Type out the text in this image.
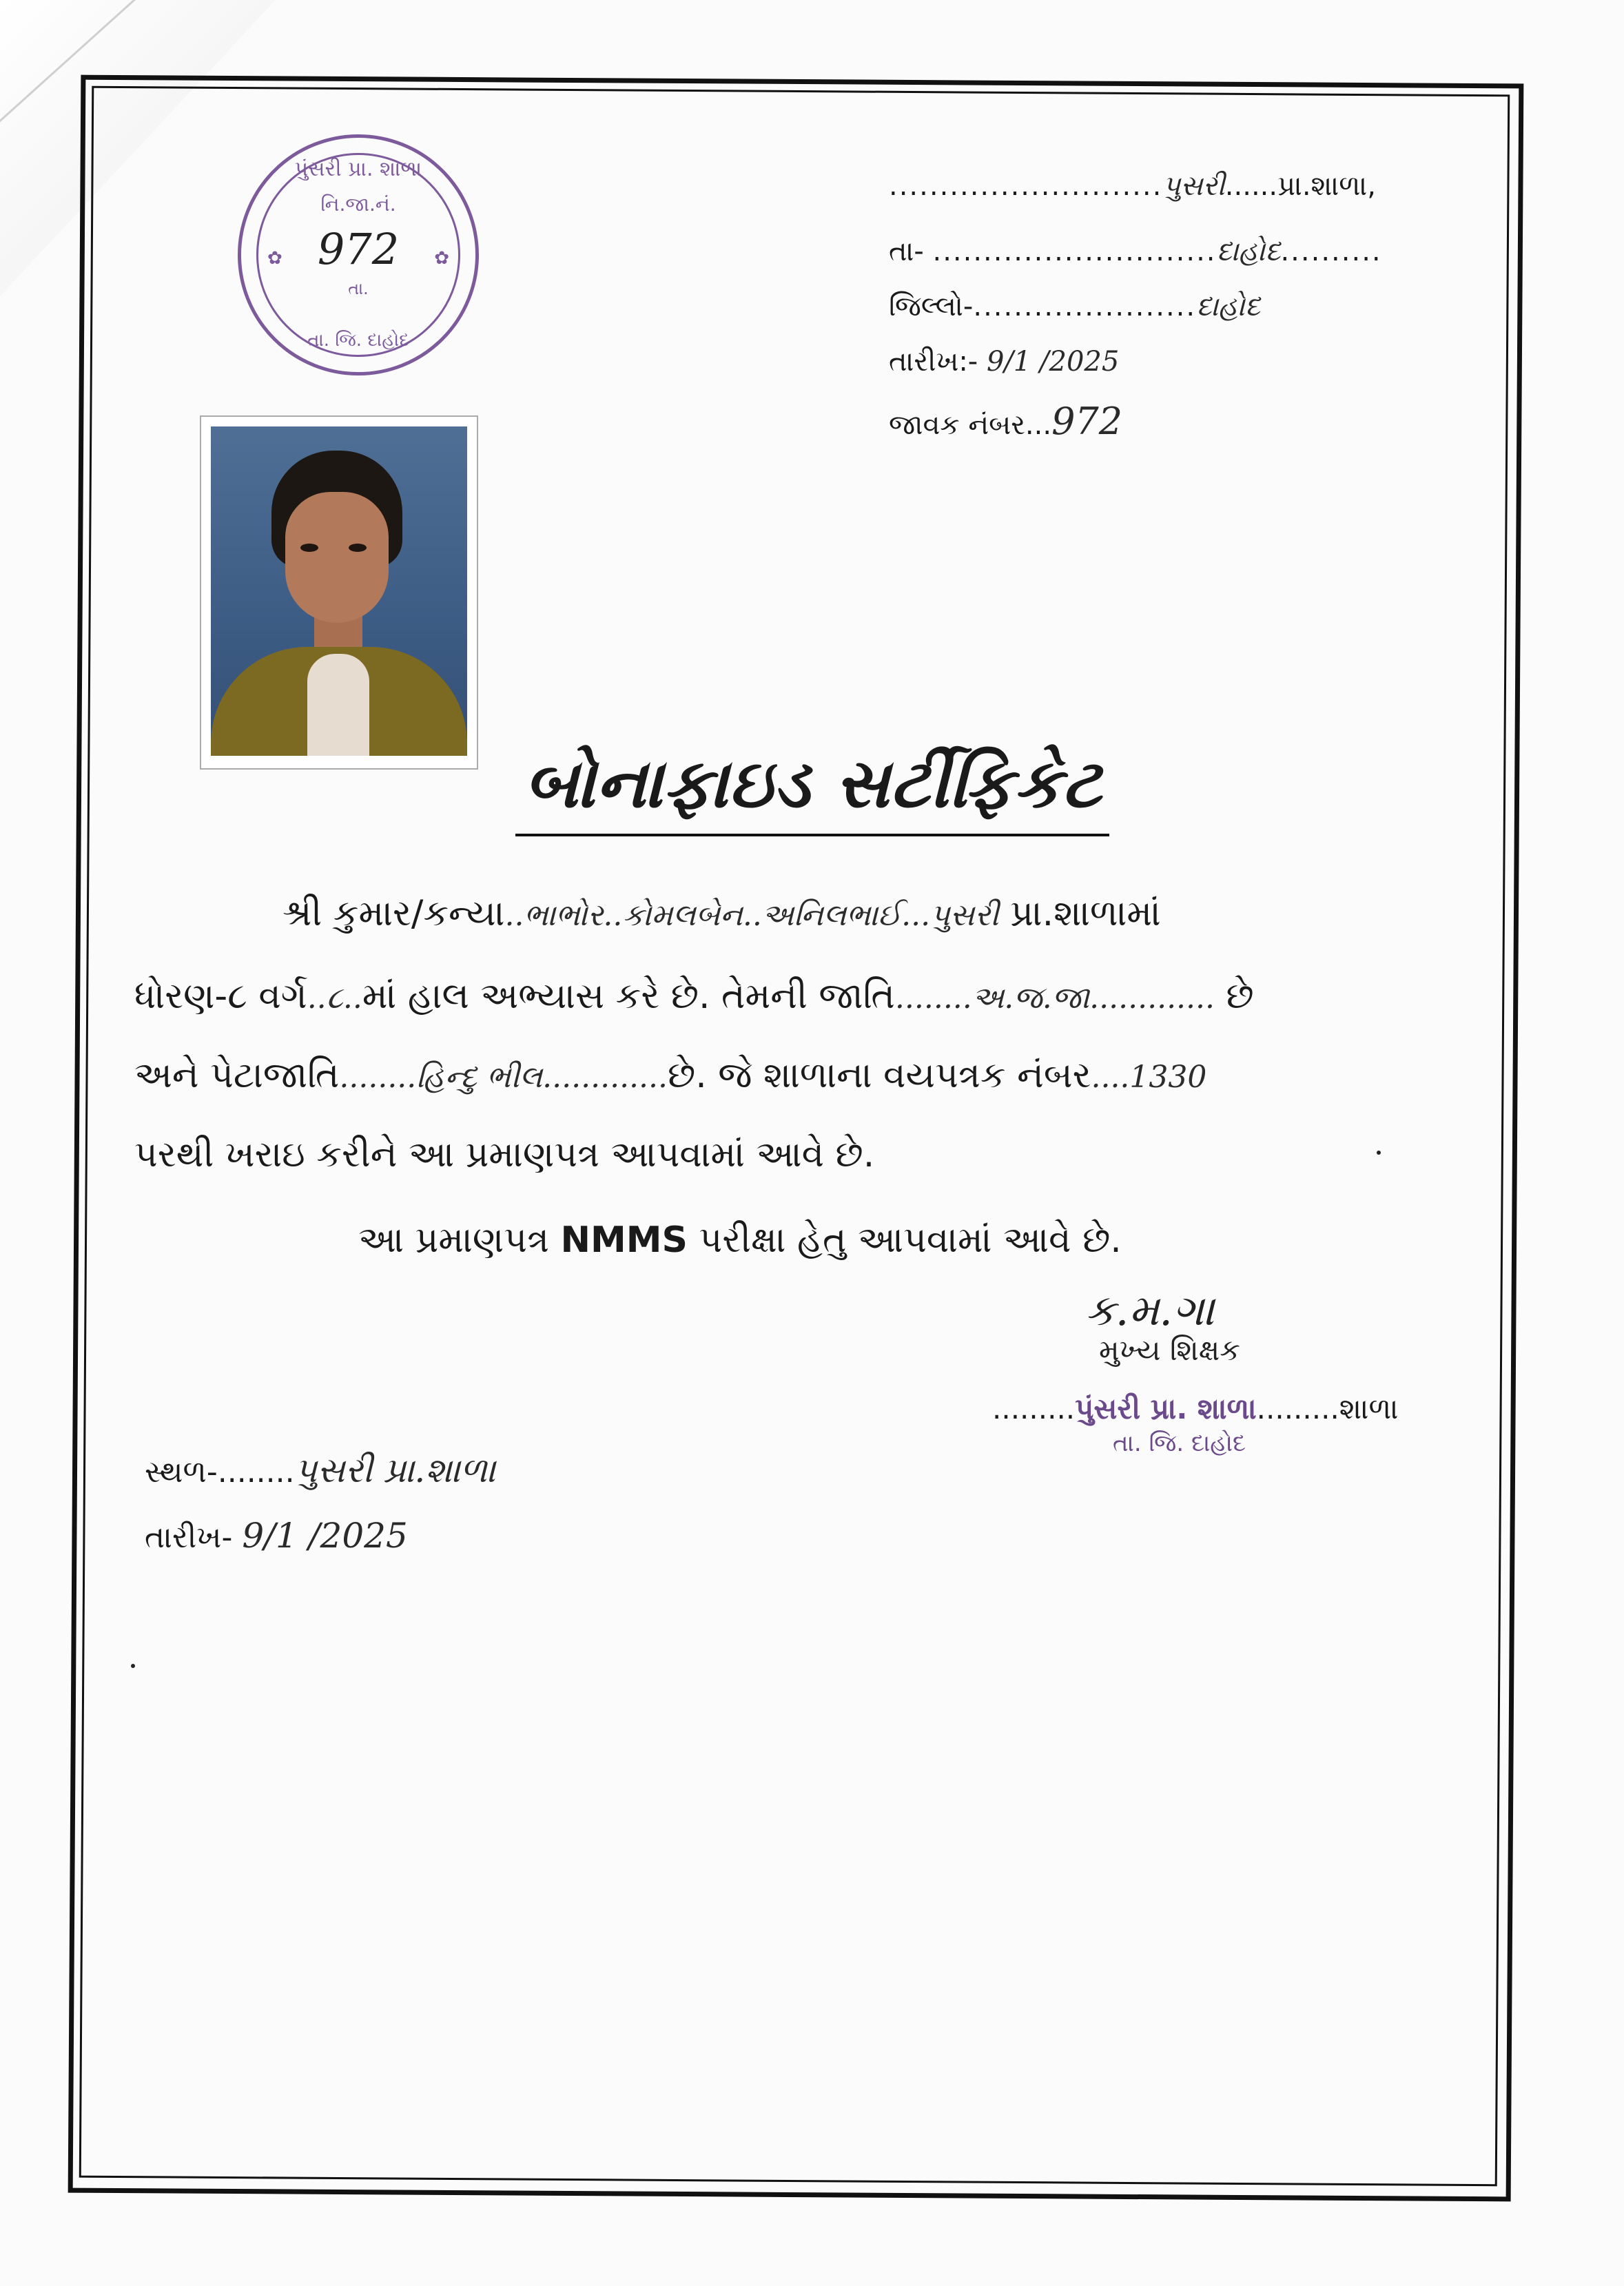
પુંસરી પ્રા. શાળા
નિ.જા.નં.
972
તા.
✿	✿
તા. જિ. દાહોદ
...........................પુસરી......પ્રા.શાળા,
તા- ............................દાહોદ..........
જિલ્લો-......................દાહોદ
તારીખ:- 9/1 /2025
જાવક નંબર...972
બોનાફાઇડ સર્ટીફિકેટ
શ્રી કુમાર/કન્યા..ભાભોર..કોમલબેન..અનિલભાઈ...પુસરી પ્રા.શાળામાં
ધોરણ-૮ વર્ગ..૮..માં હાલ અભ્યાસ કરે છે. તેમની જાતિ........અ.જ.જા............. છે
અને પેટાજાતિ........હિન્દુ ભીલ.............છે. જે શાળાના વયપત્રક નંબર....1330
પરથી ખરાઇ કરીને આ પ્રમાણપત્ર આપવામાં આવે છે.
આ પ્રમાણપત્ર NMMS પરીક્ષા હેતુ આપવામાં આવે છે.
ક.મ.ગા
મુખ્ય શિક્ષક
.........પુંસરી પ્રા. શાળા.........શાળા
તા. જિ. દાહોદ
સ્થળ-........પુસરી પ્રા.શાળા
તારીખ- 9/1 /2025
